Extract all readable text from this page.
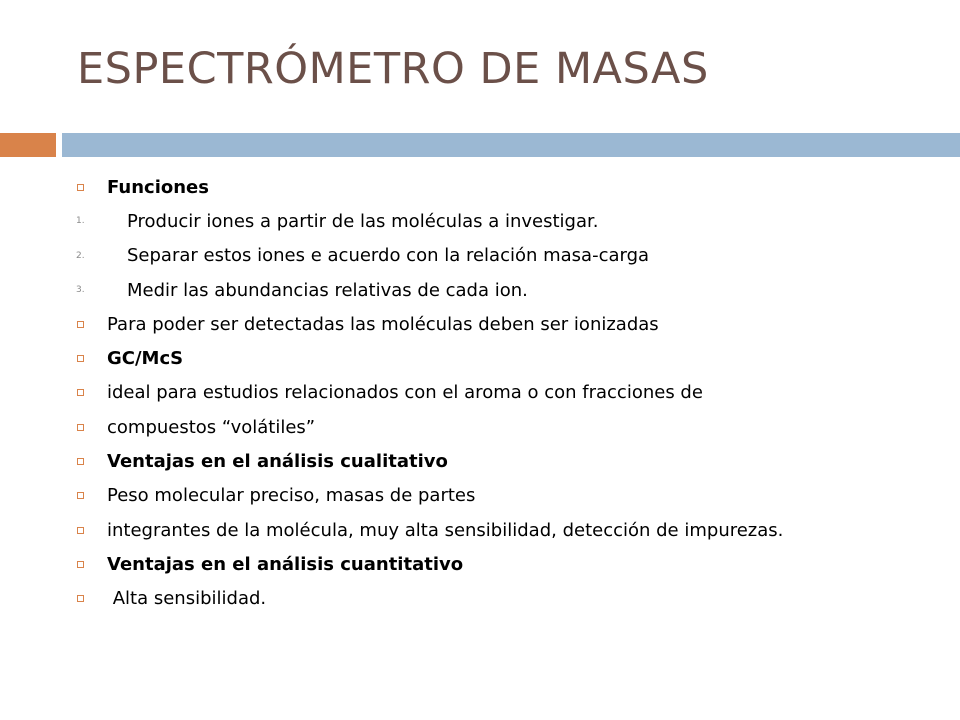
ESPECTRÓMETRO DE MASAS
Funciones
1.	Producir iones a partir de las moléculas a investigar.
2.	Separar estos iones e acuerdo con la relación masa-carga
3.	Medir las abundancias relativas de cada ion.
Para poder ser detectadas las moléculas deben ser ionizadas
GC/McS
ideal para estudios relacionados con el aroma o con fracciones de
compuestos “volátiles”
Ventajas en el análisis cualitativo
Peso molecular preciso, masas de partes
integrantes de la molécula, muy alta sensibilidad, detección de impurezas.
Ventajas en el análisis cuantitativo
Alta sensibilidad.
